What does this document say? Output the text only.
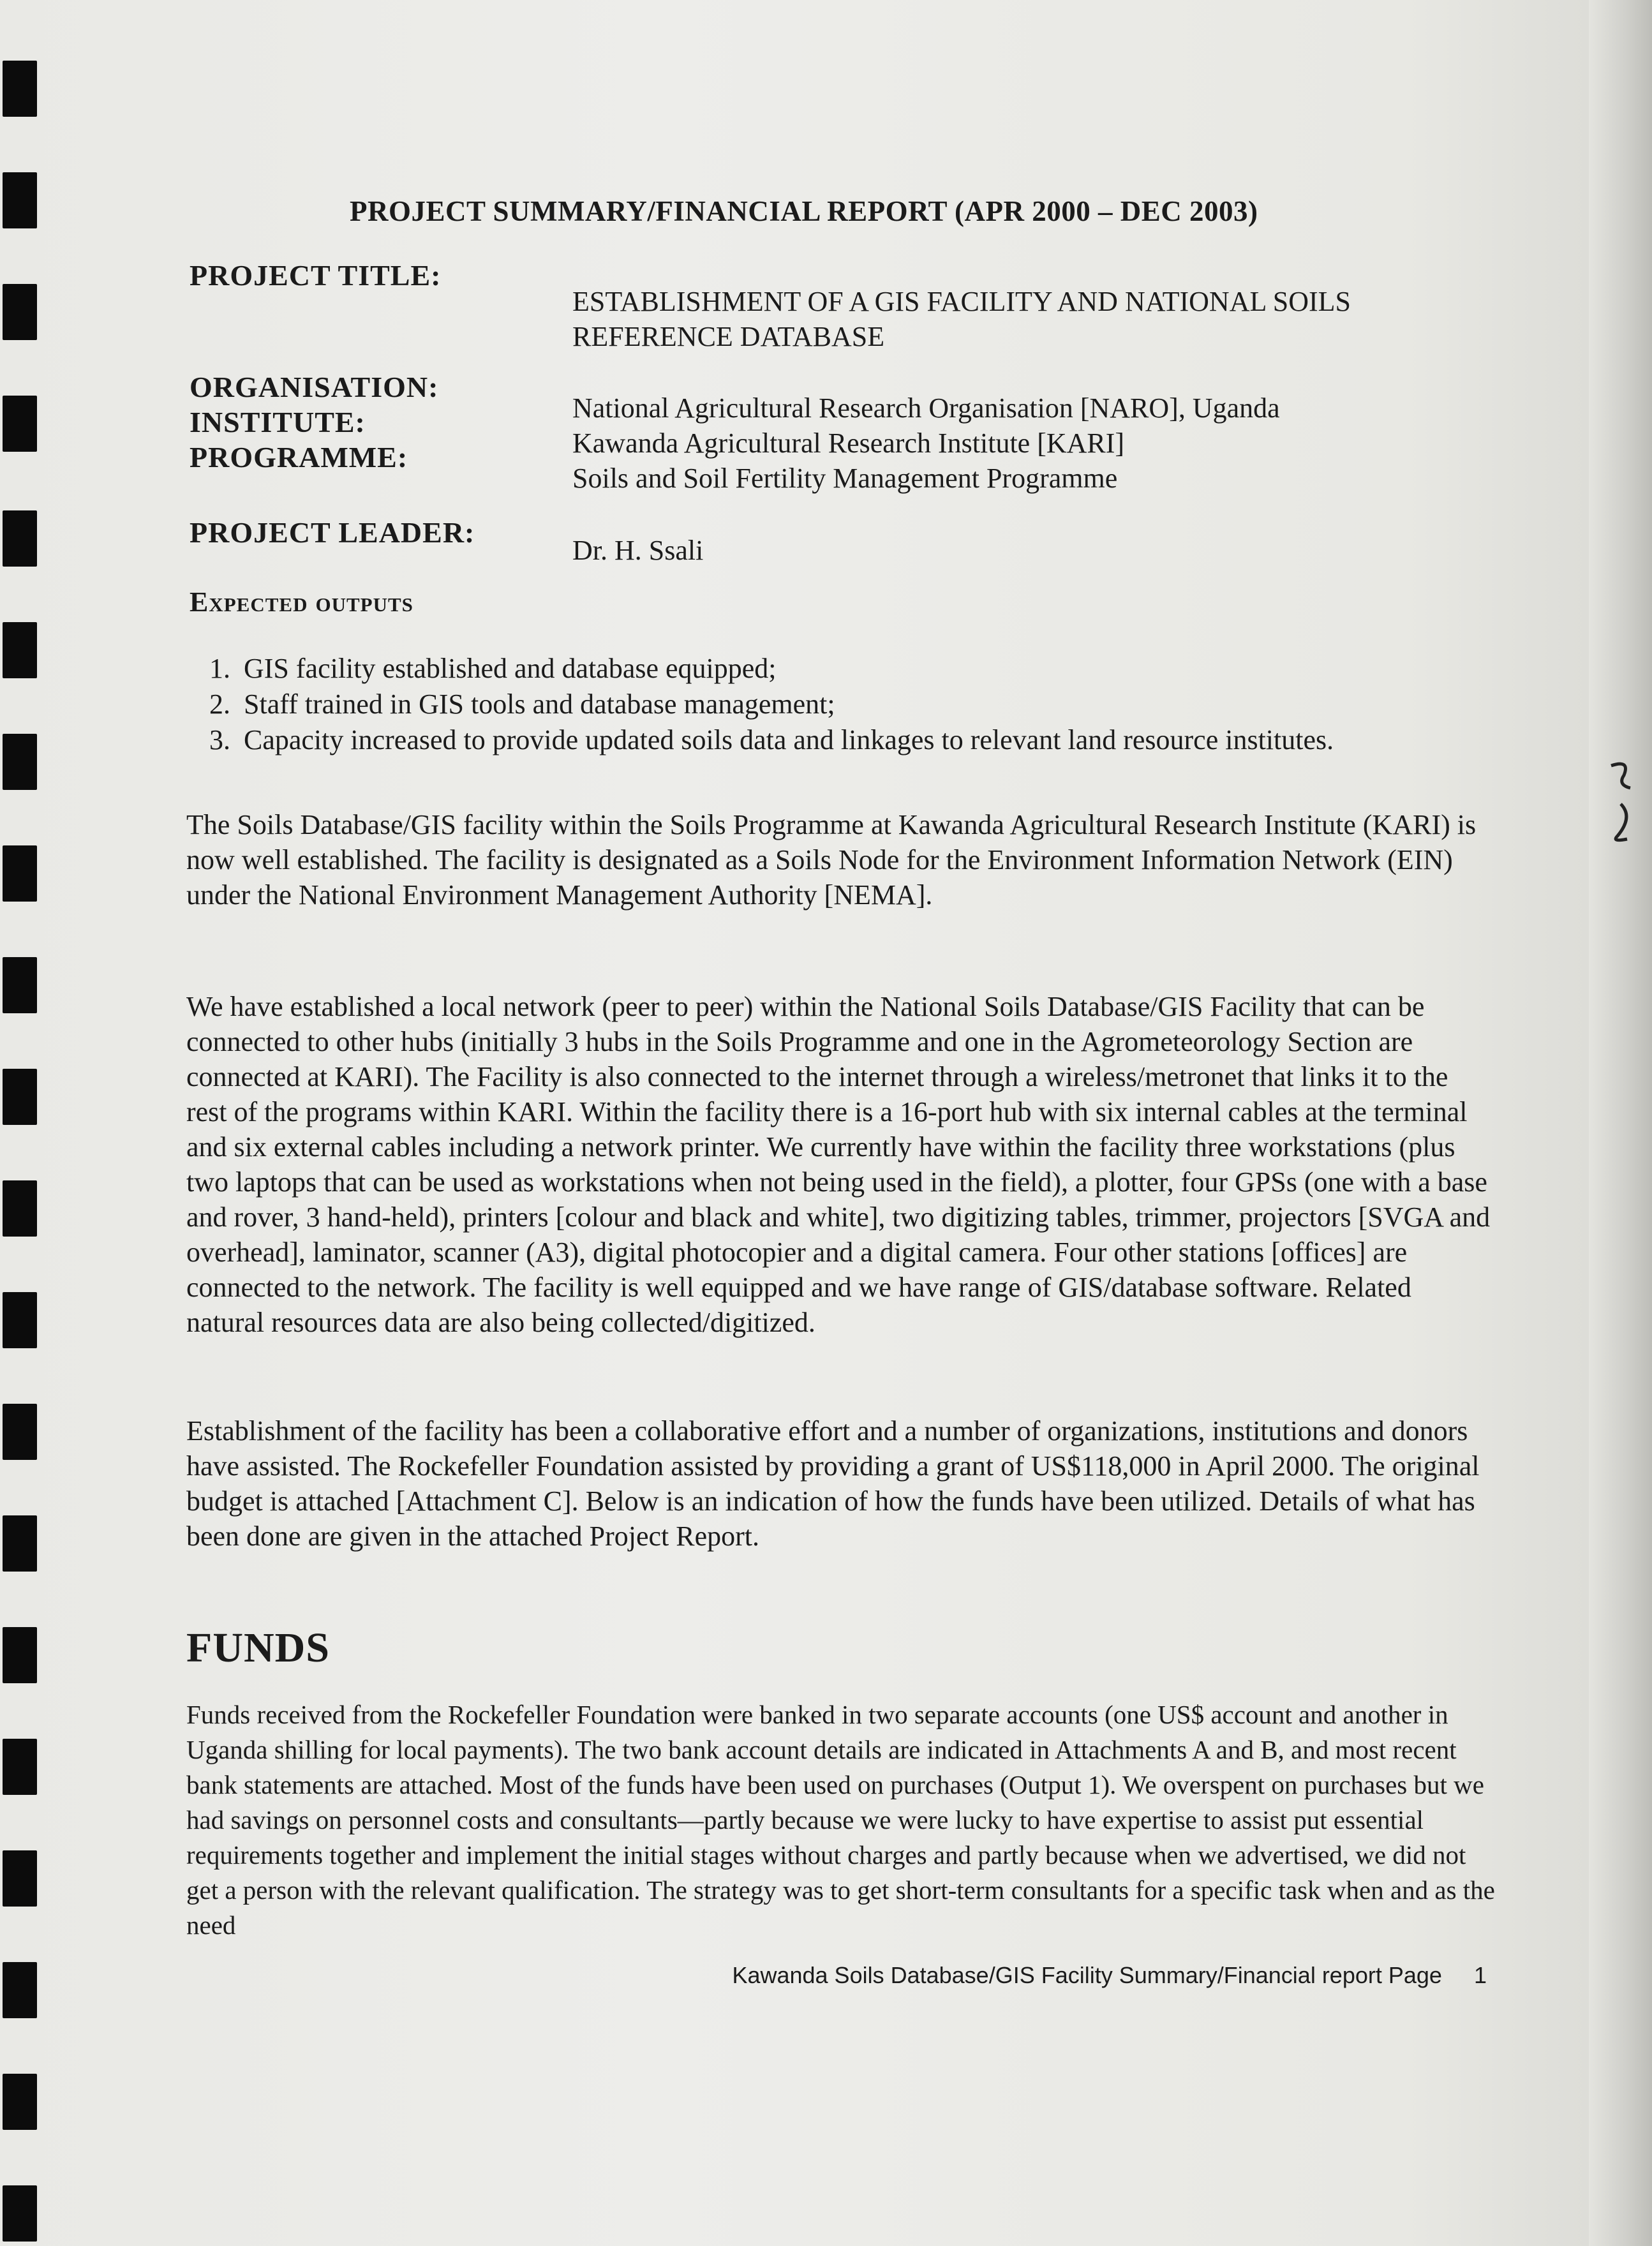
PROJECT SUMMARY/FINANCIAL REPORT (APR 2000 – DEC 2003)
PROJECT TITLE:
ESTABLISHMENT OF A GIS FACILITY AND NATIONAL SOILS
REFERENCE DATABASE
ORGANISATION:
National Agricultural Research Organisation [NARO], Uganda
INSTITUTE:
Kawanda Agricultural Research Institute [KARI]
PROGRAMME:
Soils and Soil Fertility Management Programme
PROJECT LEADER:
Dr. H. Ssali
Expected outputs
1. GIS facility established and database equipped;
2. Staff trained in GIS tools and database management;
3. Capacity increased to provide updated soils data and linkages to relevant land resource institutes.

The Soils Database/GIS facility within the Soils Programme at Kawanda Agricultural Research Institute (KARI) is now well established. The facility is designated as a Soils Node for the Environment Information Network (EIN) under the National Environment Management Authority [NEMA].

We have established a local network (peer to peer) within the National Soils Database/GIS Facility that can be connected to other hubs (initially 3 hubs in the Soils Programme and one in the Agrometeorology Section are connected at KARI). The Facility is also connected to the internet through a wireless/metronet that links it to the rest of the programs within KARI. Within the facility there is a 16-port hub with six internal cables at the terminal and six external cables including a network printer. We currently have within the facility three workstations (plus two laptops that can be used as workstations when not being used in the field), a plotter, four GPSs (one with a base and rover, 3 hand-held), printers [colour and black and white], two digitizing tables, trimmer, projectors [SVGA and overhead], laminator, scanner (A3), digital photocopier and a digital camera. Four other stations [offices] are connected to the network. The facility is well equipped and we have range of GIS/database software. Related natural resources data are also being collected/digitized.

Establishment of the facility has been a collaborative effort and a number of organizations, institutions and donors have assisted. The Rockefeller Foundation assisted by providing a grant of US$118,000 in April 2000. The original budget is attached [Attachment C]. Below is an indication of how the funds have been utilized. Details of what has been done are given in the attached Project Report.

FUNDS

Funds received from the Rockefeller Foundation were banked in two separate accounts (one US$ account and another in Uganda shilling for local payments). The two bank account details are indicated in Attachments A and B, and most recent bank statements are attached. Most of the funds have been used on purchases (Output 1). We overspent on purchases but we had savings on personnel costs and consultants—partly because we were lucky to have expertise to assist put essential requirements together and implement the initial stages without charges and partly because when we advertised, we did not get a person with the relevant qualification. The strategy was to get short-term consultants for a specific task when and as the need

Kawanda Soils Database/GIS Facility Summary/Financial report Page 1
